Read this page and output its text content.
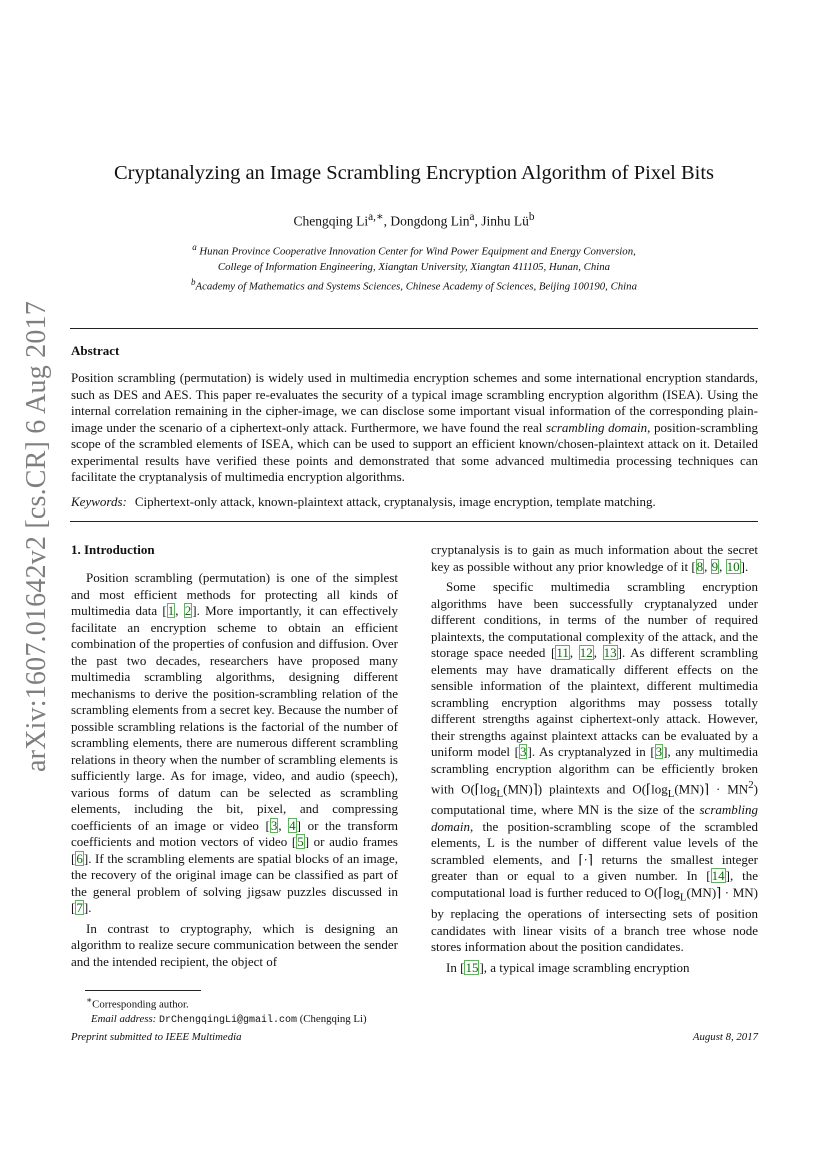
arXiv:1607.01642v2 [cs.CR] 6 Aug 2017
Cryptanalyzing an Image Scrambling Encryption Algorithm of Pixel Bits
Chengqing $Li^{a,∗}$, Dongdong Lin$^a$, Jinhu $Lü^b$
$^a$ Hunan Province Cooperative Innovation Center for Wind Power Equipment and Energy Conversion,
College of Information Engineering, Xiangtan University, Xiangtan 411105, Hunan, China
$^b$Academy of Mathematics and Systems Sciences, Chinese Academy of Sciences, Beijing 100190, China
Abstract
Position scrambling (permutation) is widely used in multimedia encryption schemes and some international encryption standards, such as DES and AES. This paper re-evaluates the security of a typical image scrambling encryption algorithm (ISEA). Using the internal correlation remaining in the cipher-image, we can disclose some important visual information of the corresponding plain-image under the scenario of a ciphertext-only attack. Furthermore, we have found the real scrambling domain, position-scrambling scope of the scrambled elements of ISEA, which can be used to support an efficient known/chosen-plaintext attack on it. Detailed experimental results have verified these points and demonstrated that some advanced multimedia processing techniques can facilitate the cryptanalysis of multimedia encryption algorithms.
Keywords: Ciphertext-only attack, known-plaintext attack, cryptanalysis, image encryption, template matching.
1. Introduction

Position scrambling (permutation) is one of the simplest and most efficient methods for protecting all kinds of multimedia data [1, 2]. More importantly, it can effectively facilitate an encryption scheme to obtain an efficient combination of the properties of confusion and diffusion. Over the past two decades, researchers have proposed many multimedia scrambling algorithms, designing different mechanisms to derive the position-scrambling relation of the scrambling elements from a secret key. Because the number of possible scrambling relations is the factorial of the number of scrambling elements, there are numerous different scrambling relations in theory when the number of scrambling elements is sufficiently large. As for image, video, and audio (speech), various forms of datum can be selected as scrambling elements, including the bit, pixel, and compressing coefficients of an image or video [3, 4] or the transform coefficients and motion vectors of video [5] or audio frames [6]. If the scrambling elements are spatial blocks of an image, the recovery of the original image can be classified as part of the general problem of solving jigsaw puzzles discussed in [7].

In contrast to cryptography, which is designing an algorithm to realize secure communication between the sender and the intended recipient, the object of

cryptanalysis is to gain as much information about the secret key as possible without any prior knowledge of it [8, 9, 10].

Some specific multimedia scrambling encryption algorithms have been successfully cryptanalyzed under different conditions, in terms of the number of required plaintexts, the computational complexity of the attack, and the storage space needed [11, 12, 13]. As different scrambling elements may have dramatically different effects on the sensible information of the plaintext, different multimedia scrambling encryption algorithms may possess totally different strengths against ciphertext-only attack. However, their strengths against plaintext attacks can be evaluated by a uniform model [3]. As cryptanalyzed in [3], any multimedia scrambling encryption algorithm can be efficiently broken with $O(⌈\log_L(MN)⌉)$ plaintexts and $O(⌈\log_L(MN)⌉ \cdot MN^2)$ computational time, where MN is the size of the scrambling domain, the position-scrambling scope of the scrambled elements, L is the number of different value levels of the scrambled elements, and ⌈·⌉ returns the smallest integer greater than or equal to a given number. In [14], the computational load is further reduced to $O(⌈\log_L(MN)⌉ \cdot MN)$ by replacing the operations of intersecting sets of position candidates with linear visits of a branch tree whose node stores information about the position candidates.

In [15], a typical image scrambling encryption

∗Corresponding author.
Email address: DrChengqingLi@gmail.com (Chengqing Li)
Preprint submitted to IEEE Multimedia	August 8, 2017
